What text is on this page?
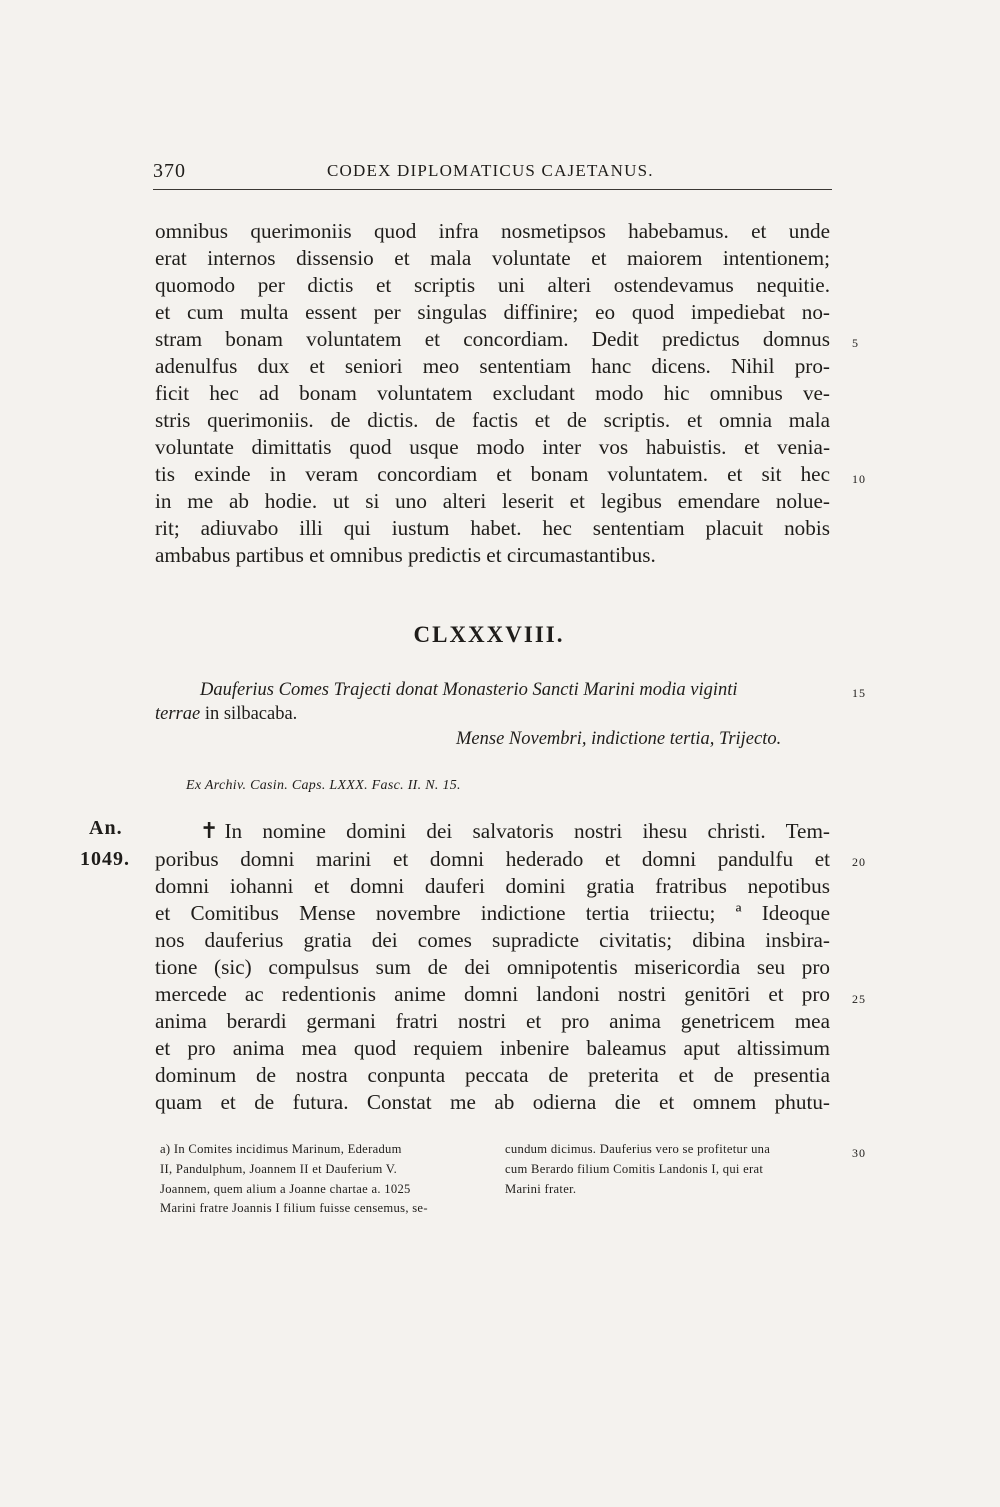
370	CODEX DIPLOMATICUS CAJETANUS.
omnibus querimoniis quod infra nosmetipsos habebamus. et unde
erat internos dissensio et mala voluntate et maiorem intentionem;
quomodo per dictis et scriptis uni alteri ostendevamus nequitie.
et cum multa essent per singulas diffinire; eo quod impediebat no-
stram bonam voluntatem et concordiam. Dedit predictus domnus
adenulfus dux et seniori meo sententiam hanc dicens. Nihil pro-
ficit hec ad bonam voluntatem excludant modo hic omnibus ve-
stris querimoniis. de dictis. de factis et de scriptis. et omnia mala
voluntate dimittatis quod usque modo inter vos habuistis. et venia-
tis exinde in veram concordiam et bonam voluntatem. et sit hec
in me ab hodie. ut si uno alteri leserit et legibus emendare noluе-
rit; adiuvabo illi qui iustum habet. hec sententiam placuit nobis
ambabus partibus et omnibus predictis et circumastantibus.
CLXXXVIII.
Dauferius Comes Trajecti donat Monasterio Sancti Marini modia viginti
terrae in silbacaba.
Mense Novembri, indictione tertia, Trijecto.
Ex Archiv. Casin. Caps. LXXX. Fasc. II. N. 15.
An.
1049.
✝ In nomine domini dei salvatoris nostri ihesu christi. Tem-
poribus domni marini et domni hederado et domni pandulfu et
domni iohanni et domni dauferi domini gratia fratribus nepotibus
et Comitibus Mense novembre indictione tertia triiectu; ª Ideoque
nos dauferius gratia dei comes supradicte civitatis; dibina insbira-
tione (sic) compulsus sum de dei omnipotentis misericordia seu pro
mercede ac redentionis anime domni landoni nostri genitōri et pro
anima berardi germani fratri nostri et pro anima genetricem mea
et pro anima mea quod requiem inbenire baleamus aput altissimum
dominum de nostra conpunta peccata de preterita et de presentia
quam et de futura. Constat me ab odierna die et omnem phutu-
5
10
15
20
25
30
a) In Comites incidimus Marinum, Ederadum
II, Pandulphum, Joannem II et Dauferium V.
Joannem, quem alium a Joanne chartae a. 1025
Marini fratre Joannis I filium fuisse censemus, se-
cundum dicimus. Dauferius vero se profitetur una
cum Berardo filium Comitis Landonis I, qui erat
Marini frater.
